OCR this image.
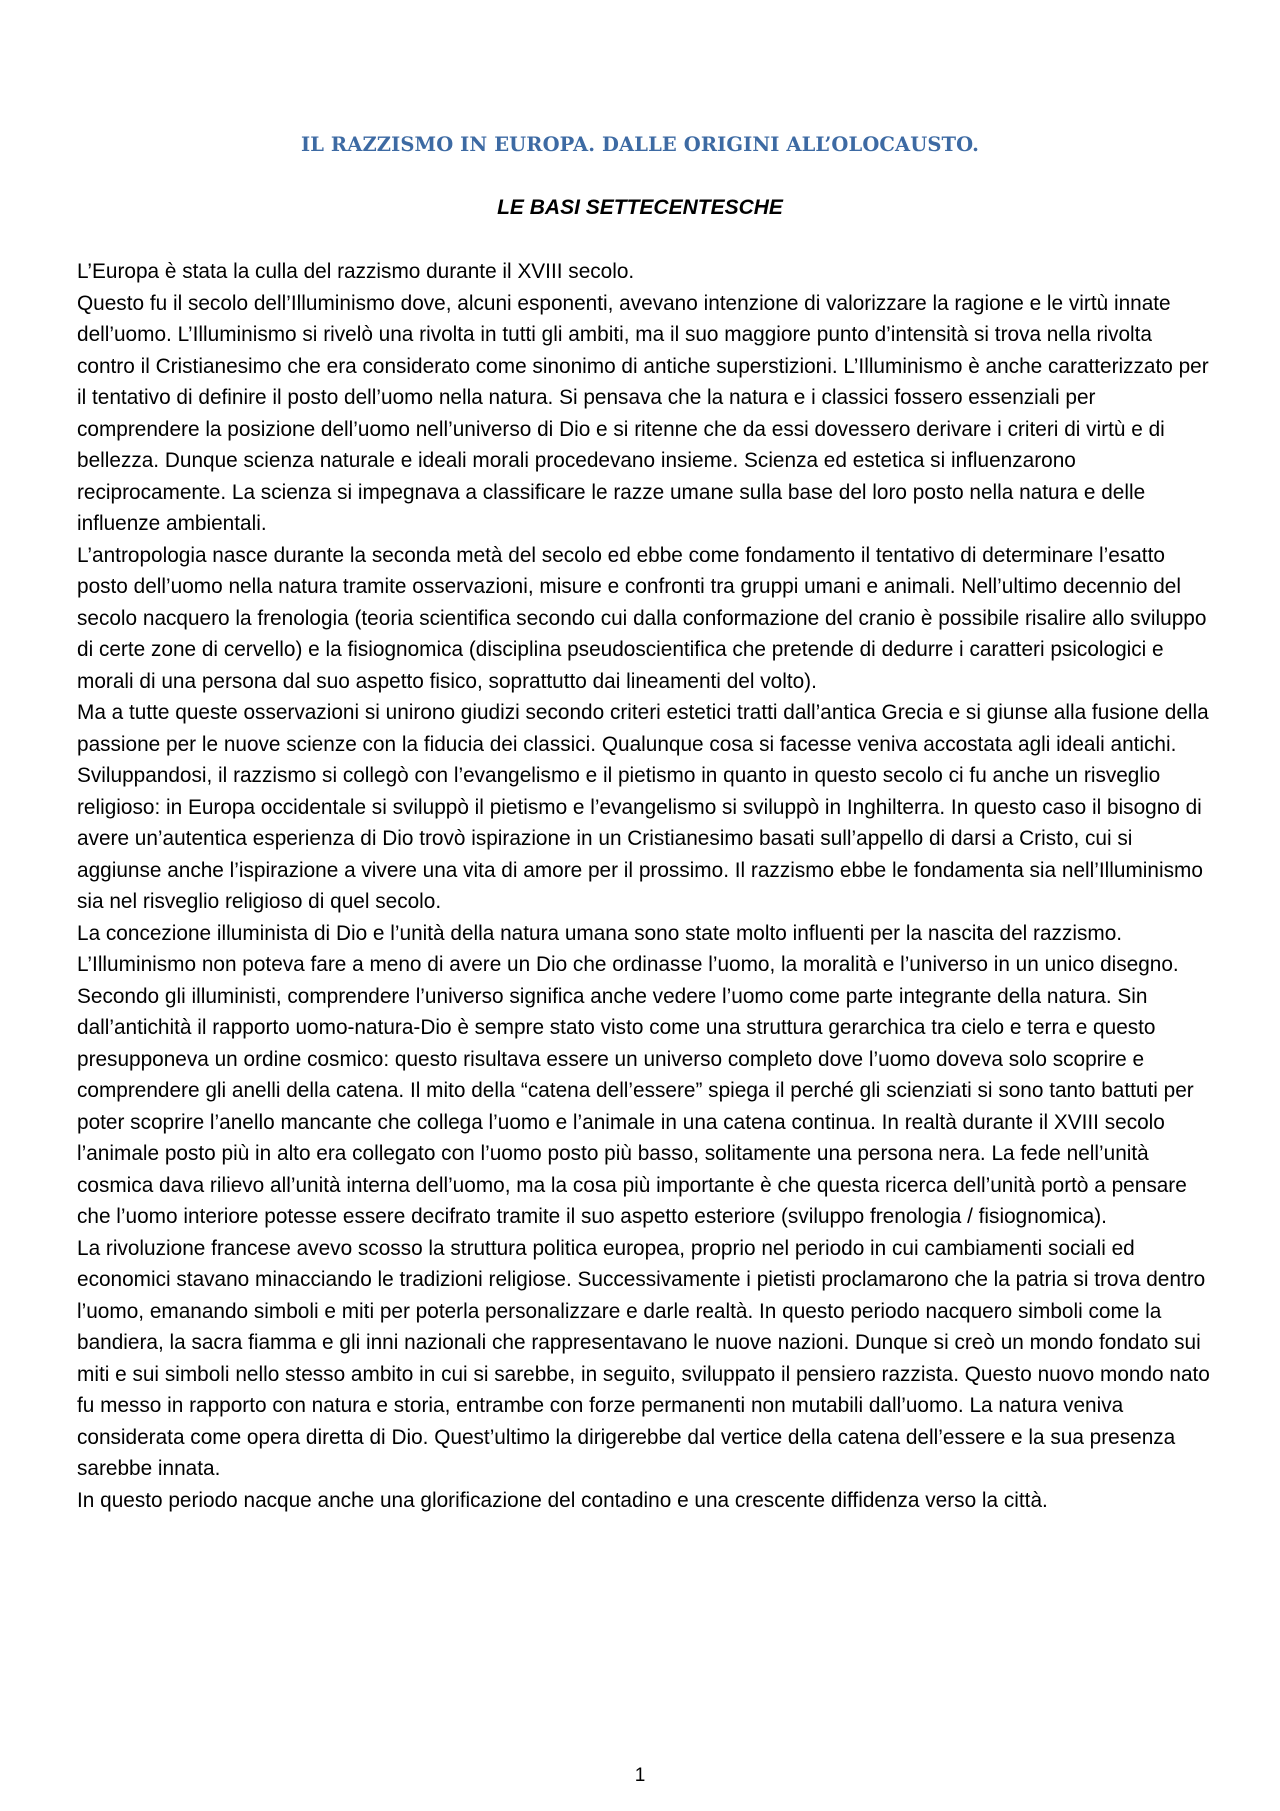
IL RAZZISMO IN EUROPA. DALLE ORIGINI ALL’OLOCAUSTO.
LE BASI SETTECENTESCHE

L’Europa è stata la culla del razzismo durante il XVIII secolo.

Questo fu il secolo dell’Illuminismo dove, alcuni esponenti, avevano intenzione di valorizzare la ragione e le virtù innate dell’uomo. L’Illuminismo si rivelò una rivolta in tutti gli ambiti, ma il suo maggiore punto d’intensità si trova nella rivolta contro il Cristianesimo che era considerato come sinonimo di antiche superstizioni. L’Illuminismo è anche caratterizzato per il tentativo di definire il posto dell’uomo nella natura. Si pensava che la natura e i classici fossero essenziali per comprendere la posizione dell’uomo nell’universo di Dio e si ritenne che da essi dovessero derivare i criteri di virtù e di bellezza. Dunque scienza naturale e ideali morali procedevano insieme. Scienza ed estetica si influenzarono reciprocamente. La scienza si impegnava a classificare le razze umane sulla base del loro posto nella natura e delle influenze ambientali.

L’antropologia nasce durante la seconda metà del secolo ed ebbe come fondamento il tentativo di determinare l’esatto posto dell’uomo nella natura tramite osservazioni, misure e confronti tra gruppi umani e animali. Nell’ultimo decennio del secolo nacquero la frenologia (teoria scientifica secondo cui dalla conformazione del cranio è possibile risalire allo sviluppo di certe zone di cervello) e la fisiognomica (disciplina pseudoscientifica che pretende di dedurre i caratteri psicologici e morali di una persona dal suo aspetto fisico, soprattutto dai lineamenti del volto).

Ma a tutte queste osservazioni si unirono giudizi secondo criteri estetici tratti dall’antica Grecia e si giunse alla fusione della passione per le nuove scienze con la fiducia dei classici. Qualunque cosa si facesse veniva accostata agli ideali antichi.

Sviluppandosi, il razzismo si collegò con l’evangelismo e il pietismo in quanto in questo secolo ci fu anche un risveglio religioso: in Europa occidentale si sviluppò il pietismo e l’evangelismo si sviluppò in Inghilterra. In questo caso il bisogno di avere un’autentica esperienza di Dio trovò ispirazione in un Cristianesimo basati sull’appello di darsi a Cristo, cui si aggiunse anche l’ispirazione a vivere una vita di amore per il prossimo. Il razzismo ebbe le fondamenta sia nell’Illuminismo sia nel risveglio religioso di quel secolo.

La concezione illuminista di Dio e l’unità della natura umana sono state molto influenti per la nascita del razzismo. L’Illuminismo non poteva fare a meno di avere un Dio che ordinasse l’uomo, la moralità e l’universo in un unico disegno. Secondo gli illuministi, comprendere l’universo significa anche vedere l’uomo come parte integrante della natura. Sin dall’antichità il rapporto uomo-natura-Dio è sempre stato visto come una struttura gerarchica tra cielo e terra e questo presupponeva un ordine cosmico: questo risultava essere un universo completo dove l’uomo doveva solo scoprire e comprendere gli anelli della catena. Il mito della “catena dell’essere” spiega il perché gli scienziati si sono tanto battuti per poter scoprire l’anello mancante che collega l’uomo e l’animale in una catena continua. In realtà durante il XVIII secolo l’animale posto più in alto era collegato con l’uomo posto più basso, solitamente una persona nera. La fede nell’unità cosmica dava rilievo all’unità interna dell’uomo, ma la cosa più importante è che questa ricerca dell’unità portò a pensare che l’uomo interiore potesse essere decifrato tramite il suo aspetto esteriore (sviluppo frenologia / fisiognomica).

La rivoluzione francese avevo scosso la struttura politica europea, proprio nel periodo in cui cambiamenti sociali ed economici stavano minacciando le tradizioni religiose. Successivamente i pietisti proclamarono che la patria si trova dentro l’uomo, emanando simboli e miti per poterla personalizzare e darle realtà. In questo periodo nacquero simboli come la bandiera, la sacra fiamma e gli inni nazionali che rappresentavano le nuove nazioni. Dunque si creò un mondo fondato sui miti e sui simboli nello stesso ambito in cui si sarebbe, in seguito, sviluppato il pensiero razzista. Questo nuovo mondo nato fu messo in rapporto con natura e storia, entrambe con forze permanenti non mutabili dall’uomo. La natura veniva considerata come opera diretta di Dio. Quest’ultimo la dirigerebbe dal vertice della catena dell’essere e la sua presenza sarebbe innata.

In questo periodo nacque anche una glorificazione del contadino e una crescente diffidenza verso la città.

1
